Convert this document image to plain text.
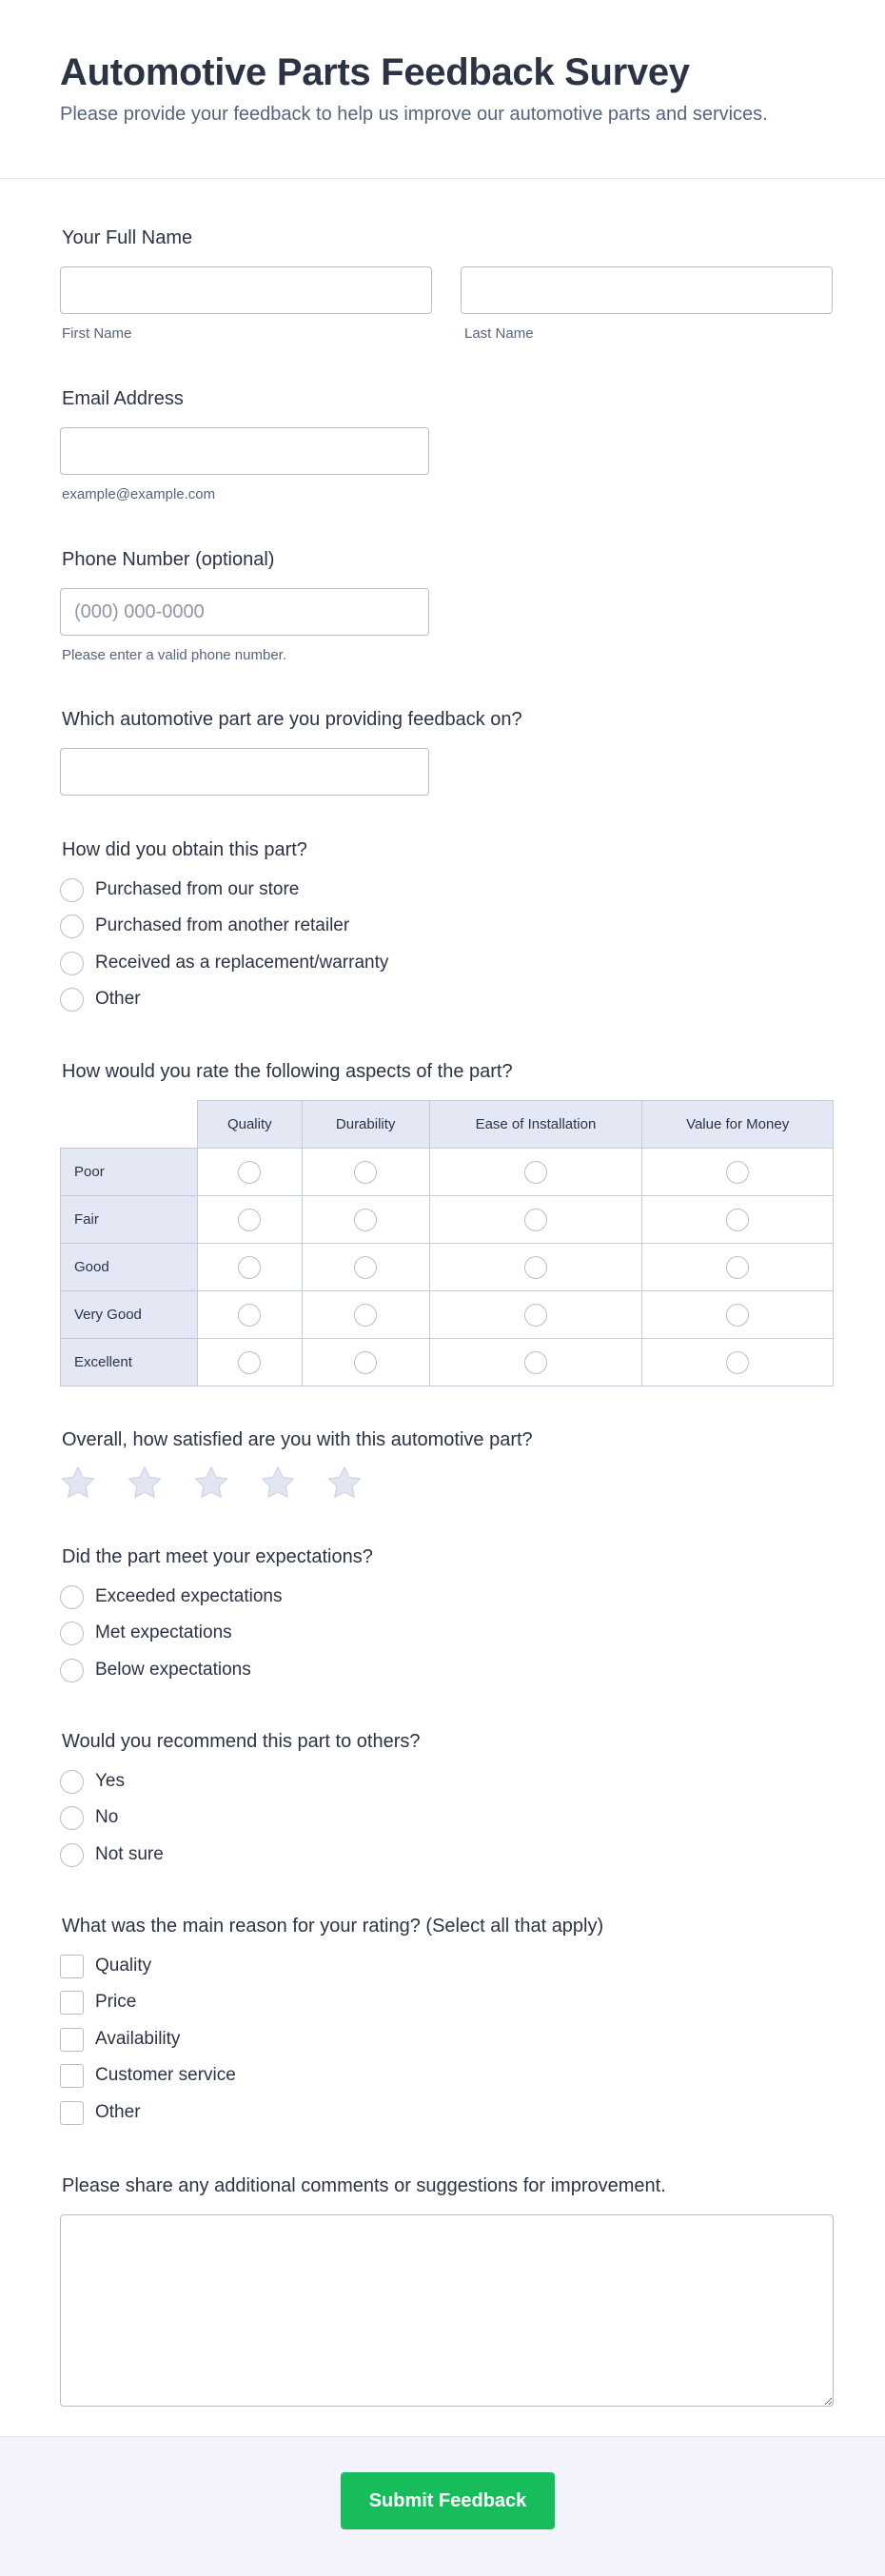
Automotive Parts Feedback Survey

Please provide your feedback to help us improve our automotive parts and services.

Your Full Name
First Name	Last Name
Email Address
example@example.com
Phone Number (optional)
(000) 000-0000
Please enter a valid phone number.
Which automotive part are you providing feedback on?
How did you obtain this part?
Purchased from our store
Purchased from another retailer
Received as a replacement/warranty
Other
How would you rate the following aspects of the part?
	Quality	Durability	Ease of Installation	Value for Money
Poor				
Fair				
Good				
Very Good				
Excellent				
Overall, how satisfied are you with this automotive part?
Did the part meet your expectations?
Exceeded expectations
Met expectations
Below expectations
Would you recommend this part to others?
Yes
No
Not sure
What was the main reason for your rating? (Select all that apply)
Quality
Price
Availability
Customer service
Other
Please share any additional comments or suggestions for improvement.
Submit Feedback
